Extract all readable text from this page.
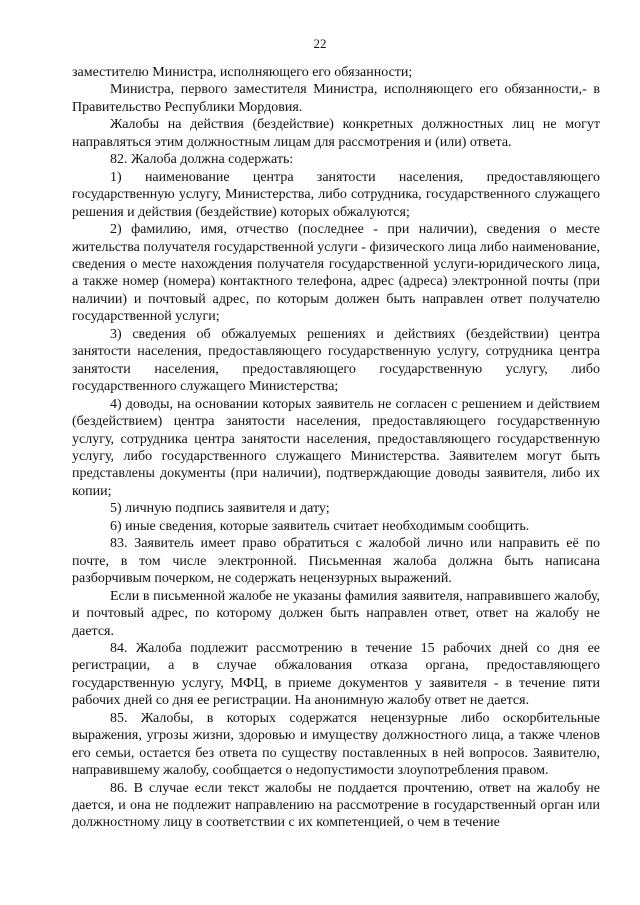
22

заместителю Министра, исполняющего его обязанности;

Министра, первого заместителя Министра, исполняющего его обязанности,- в Правительство Республики Мордовия.

Жалобы на действия (бездействие) конкретных должностных лиц не могут направляться этим должностным лицам для рассмотрения и (или) ответа.

82. Жалоба должна содержать:

1) наименование центра занятости населения, предоставляющего государственную услугу, Министерства, либо сотрудника, государственного служащего решения и действия (бездействие) которых обжалуются;

2) фамилию, имя, отчество (последнее - при наличии), сведения о месте жительства получателя государственной услуги - физического лица либо наименование, сведения о месте нахождения получателя государственной услуги-юридического лица, а также номер (номера) контактного телефона, адрес (адреса) электронной почты (при наличии) и почтовый адрес, по которым должен быть направлен ответ получателю государственной услуги;

3) сведения об обжалуемых решениях и действиях (бездействии) центра занятости населения, предоставляющего государственную услугу, сотрудника центра занятости населения, предоставляющего государственную услугу, либо государственного служащего Министерства;

4) доводы, на основании которых заявитель не согласен с решением и действием (бездействием) центра занятости населения, предоставляющего государственную услугу, сотрудника центра занятости населения, предоставляющего государственную услугу, либо государственного служащего Министерства. Заявителем могут быть представлены документы (при наличии), подтверждающие доводы заявителя, либо их копии;

5) личную подпись заявителя и дату;

6) иные сведения, которые заявитель считает необходимым сообщить.

83. Заявитель имеет право обратиться с жалобой лично или направить её по почте, в том числе электронной. Письменная жалоба должна быть написана разборчивым почерком, не содержать нецензурных выражений.

Если в письменной жалобе не указаны фамилия заявителя, направившего жалобу, и почтовый адрес, по которому должен быть направлен ответ, ответ на жалобу не дается.

84. Жалоба подлежит рассмотрению в течение 15 рабочих дней со дня ее регистрации, а в случае обжалования отказа органа, предоставляющего государственную услугу, МФЦ, в приеме документов у заявителя - в течение пяти рабочих дней со дня ее регистрации. На анонимную жалобу ответ не дается.

85. Жалобы, в которых содержатся нецензурные либо оскорбительные выражения, угрозы жизни, здоровью и имуществу должностного лица, а также членов его семьи, остается без ответа по существу поставленных в ней вопросов. Заявителю, направившему жалобу, сообщается о недопустимости злоупотребления правом.

86. В случае если текст жалобы не поддается прочтению, ответ на жалобу не дается, и она не подлежит направлению на рассмотрение в государственный орган или должностному лицу в соответствии с их компетенцией, о чем в течение
